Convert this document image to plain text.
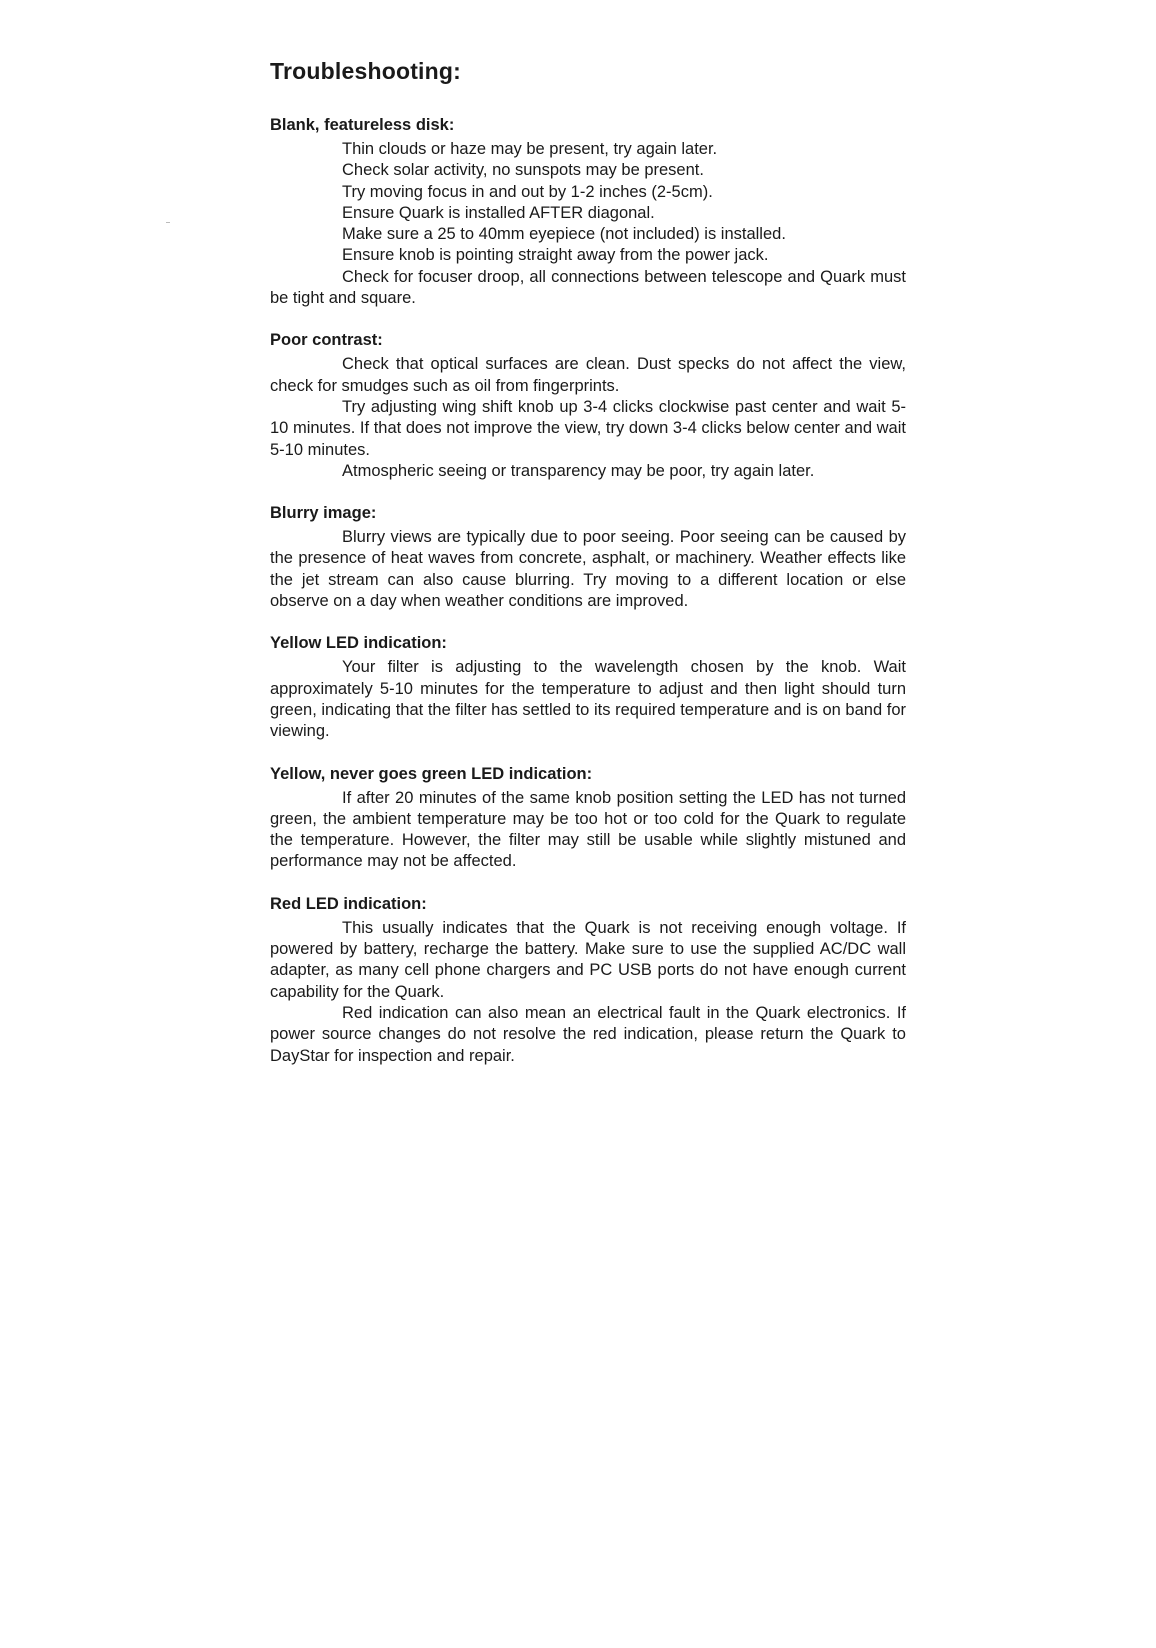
Troubleshooting:
Blank, featureless disk:

Thin clouds or haze may be present, try again later.

Check solar activity, no sunspots may be present.

Try moving focus in and out by 1-2 inches (2-5cm).

Ensure Quark is installed AFTER diagonal.

Make sure a 25 to 40mm eyepiece (not included) is installed.

Ensure knob is pointing straight away from the power jack.

Check for focuser droop, all connections between telescope and Quark must be tight and square.

Poor contrast:

Check that optical surfaces are clean. Dust specks do not affect the view, check for smudges such as oil from fingerprints.

Try adjusting wing shift knob up 3-4 clicks clockwise past center and wait 5-10 minutes. If that does not improve the view, try down 3-4 clicks below center and wait 5-10 minutes.

Atmospheric seeing or transparency may be poor, try again later.

Blurry image:

Blurry views are typically due to poor seeing. Poor seeing can be caused by the presence of heat waves from concrete, asphalt, or machinery. Weather effects like the jet stream can also cause blurring. Try moving to a different location or else observe on a day when weather conditions are improved.

Yellow LED indication:

Your filter is adjusting to the wavelength chosen by the knob. Wait approximately 5-10 minutes for the temperature to adjust and then light should turn green, indicating that the filter has settled to its required temperature and is on band for viewing.

Yellow, never goes green LED indication:

If after 20 minutes of the same knob position setting the LED has not turned green, the ambient temperature may be too hot or too cold for the Quark to regulate the temperature. However, the filter may still be usable while slightly mistuned and performance may not be affected.

Red LED indication:

This usually indicates that the Quark is not receiving enough voltage. If powered by battery, recharge the battery. Make sure to use the supplied AC/DC wall adapter, as many cell phone chargers and PC USB ports do not have enough current capability for the Quark.

Red indication can also mean an electrical fault in the Quark electronics. If power source changes do not resolve the red indication, please return the Quark to DayStar for inspection and repair.
